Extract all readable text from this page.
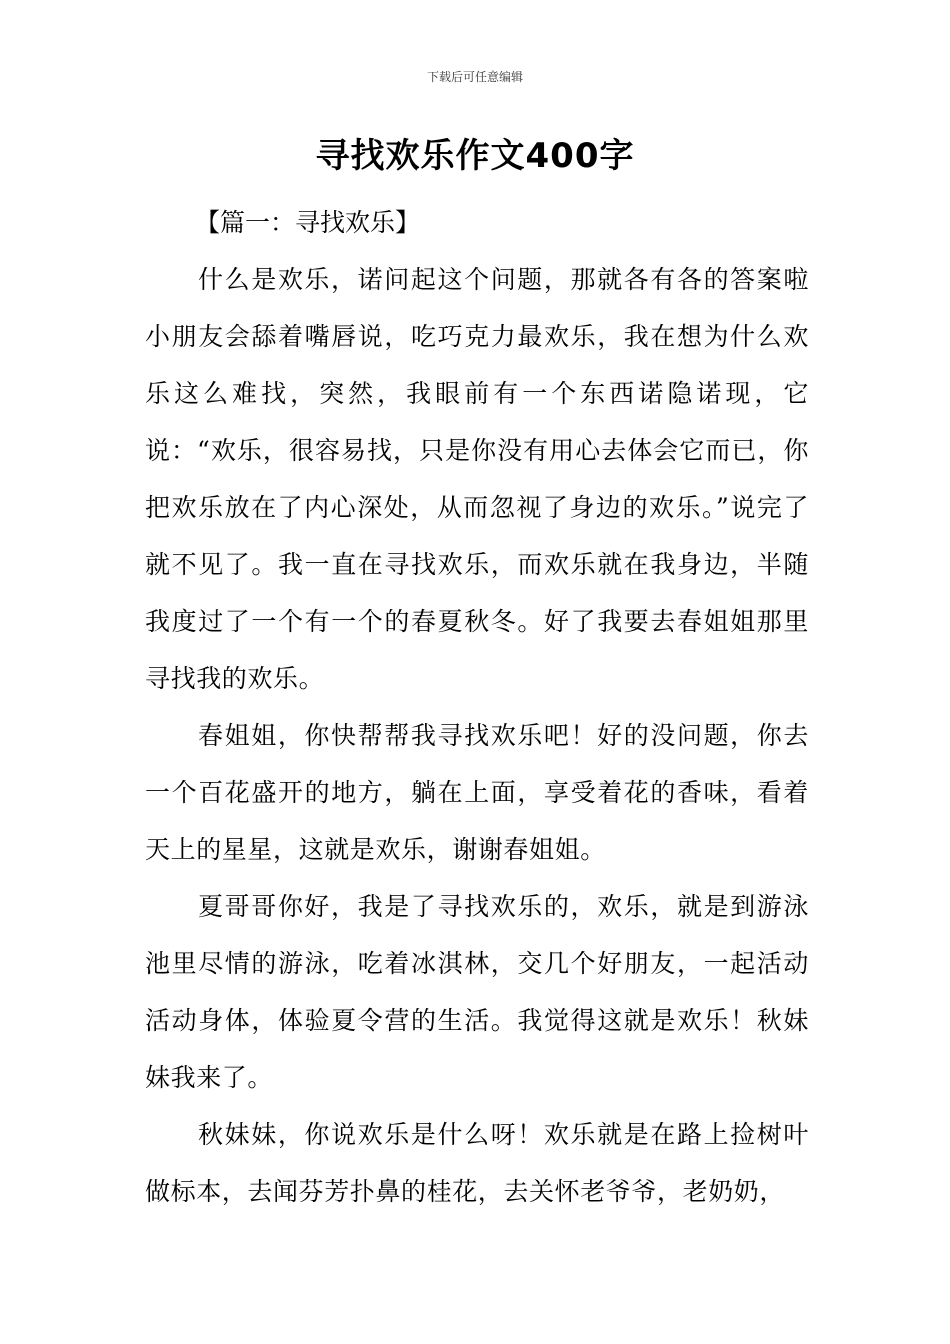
下载后可任意编辑
寻找欢乐作文400字

【篇一：寻找欢乐】

什么是欢乐，诺问起这个问题，那就各有各的答案啦小朋友会舔着嘴唇说，吃巧克力最欢乐，我在想为什么欢乐这么难找，突然，我眼前有一个东西诺隐诺现，它说：“欢乐，很容易找，只是你没有用心去体会它而已，你把欢乐放在了内心深处，从而忽视了身边的欢乐。”说完了就不见了。我一直在寻找欢乐，而欢乐就在我身边，半随我度过了一个有一个的春夏秋冬。好了我要去春姐姐那里寻找我的欢乐。

春姐姐，你快帮帮我寻找欢乐吧！好的没问题，你去一个百花盛开的地方，躺在上面，享受着花的香味，看着天上的星星，这就是欢乐，谢谢春姐姐。

夏哥哥你好，我是了寻找欢乐的，欢乐，就是到游泳池里尽情的游泳，吃着冰淇林，交几个好朋友，一起活动活动身体，体验夏令营的生活。我觉得这就是欢乐！秋妹妹我来了。

秋妹妹，你说欢乐是什么呀！欢乐就是在路上捡树叶做标本，去闻芬芳扑鼻的桂花，去关怀老爷爷，老奶奶，
